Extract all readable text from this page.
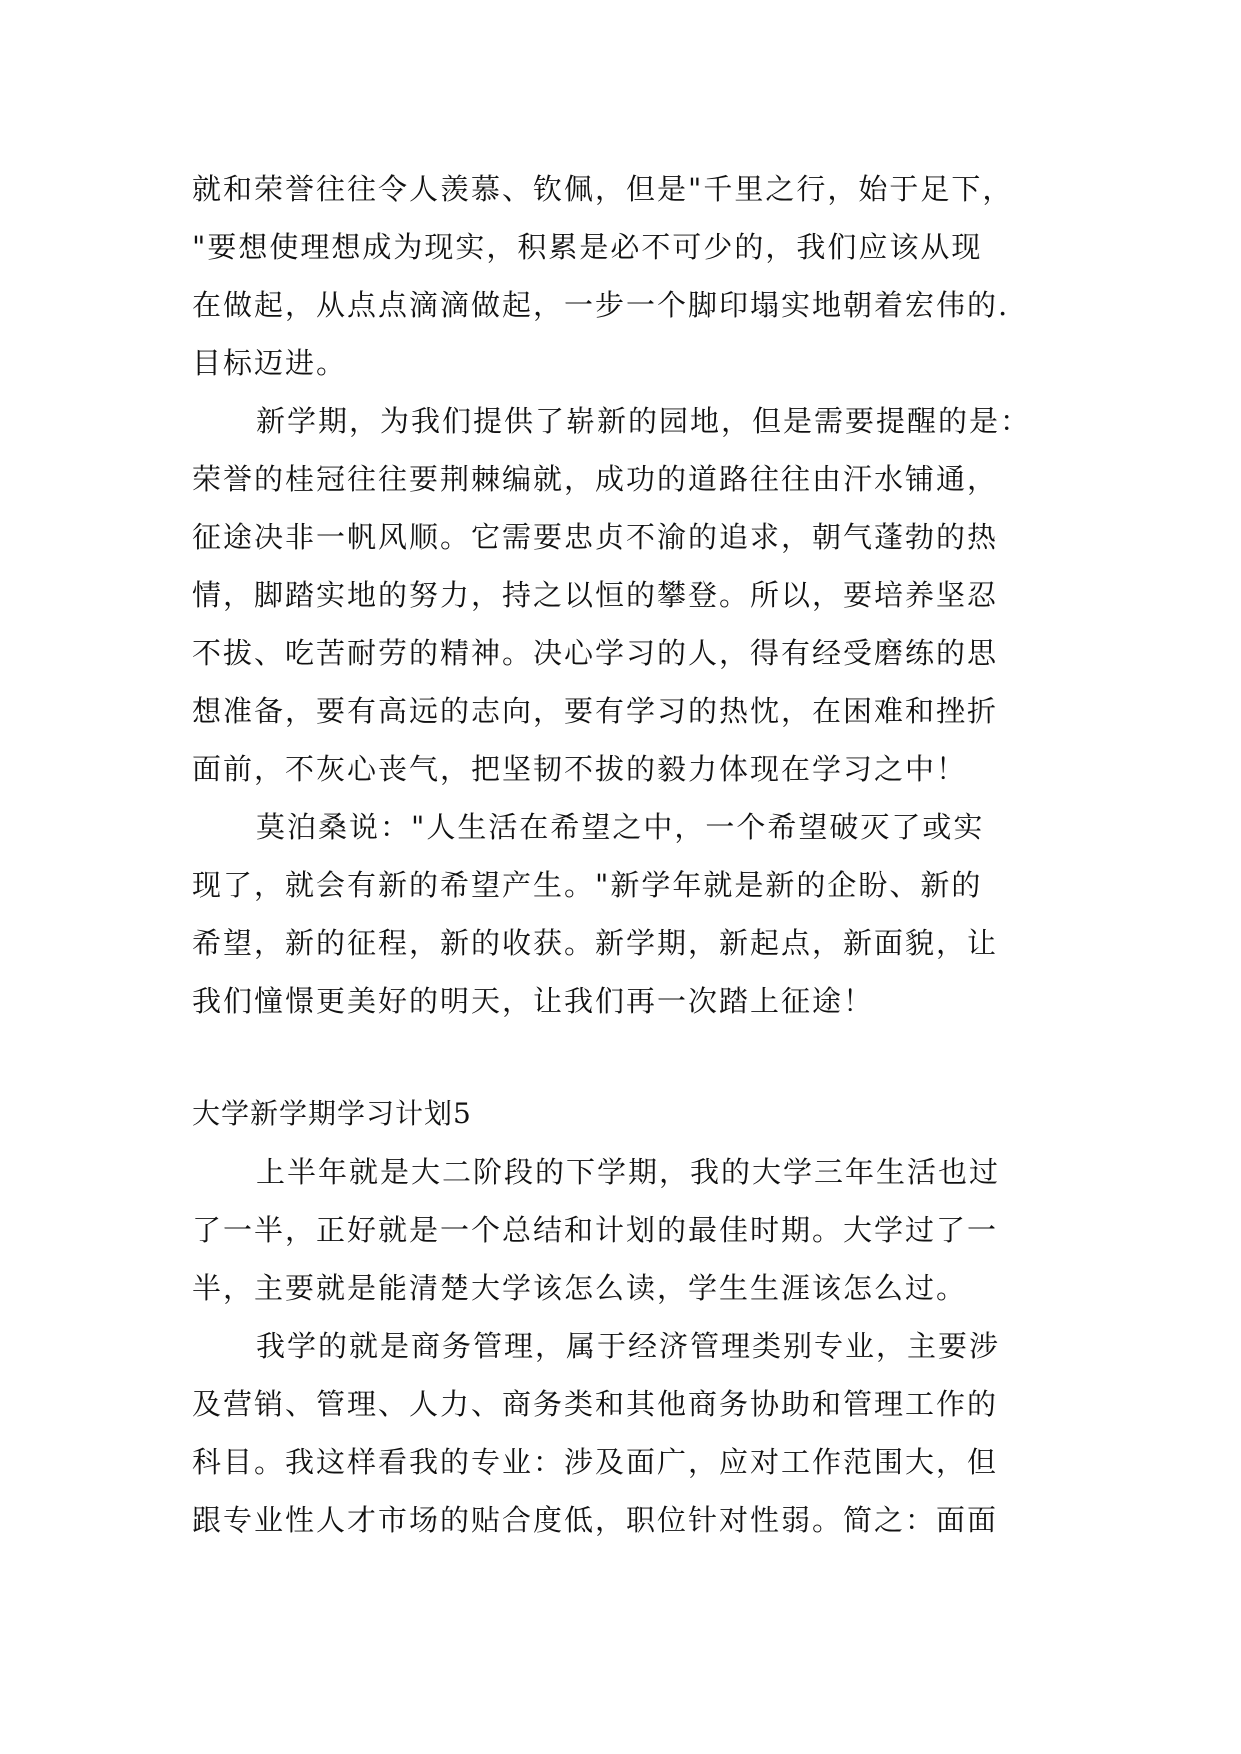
就和荣誉往往令人羡慕、钦佩，但是"千里之行，始于足下，
"要想使理想成为现实，积累是必不可少的，我们应该从现
在做起，从点点滴滴做起，一步一个脚印塌实地朝着宏伟的.
目标迈进。
新学期，为我们提供了崭新的园地，但是需要提醒的是：
荣誉的桂冠往往要荆棘编就，成功的道路往往由汗水铺通，
征途决非一帆风顺。它需要忠贞不渝的追求，朝气蓬勃的热
情，脚踏实地的努力，持之以恒的攀登。所以，要培养坚忍
不拔、吃苦耐劳的精神。决心学习的人，得有经受磨练的思
想准备，要有高远的志向，要有学习的热忱，在困难和挫折
面前，不灰心丧气，把坚韧不拔的毅力体现在学习之中！
莫泊桑说："人生活在希望之中，一个希望破灭了或实
现了，就会有新的希望产生。"新学年就是新的企盼、新的
希望，新的征程，新的收获。新学期，新起点，新面貌，让
我们憧憬更美好的明天，让我们再一次踏上征途！
大学新学期学习计划5
上半年就是大二阶段的下学期，我的大学三年生活也过
了一半，正好就是一个总结和计划的最佳时期。大学过了一
半，主要就是能清楚大学该怎么读，学生生涯该怎么过。
我学的就是商务管理，属于经济管理类别专业，主要涉
及营销、管理、人力、商务类和其他商务协助和管理工作的
科目。我这样看我的专业：涉及面广，应对工作范围大，但
跟专业性人才市场的贴合度低，职位针对性弱。简之：面面
